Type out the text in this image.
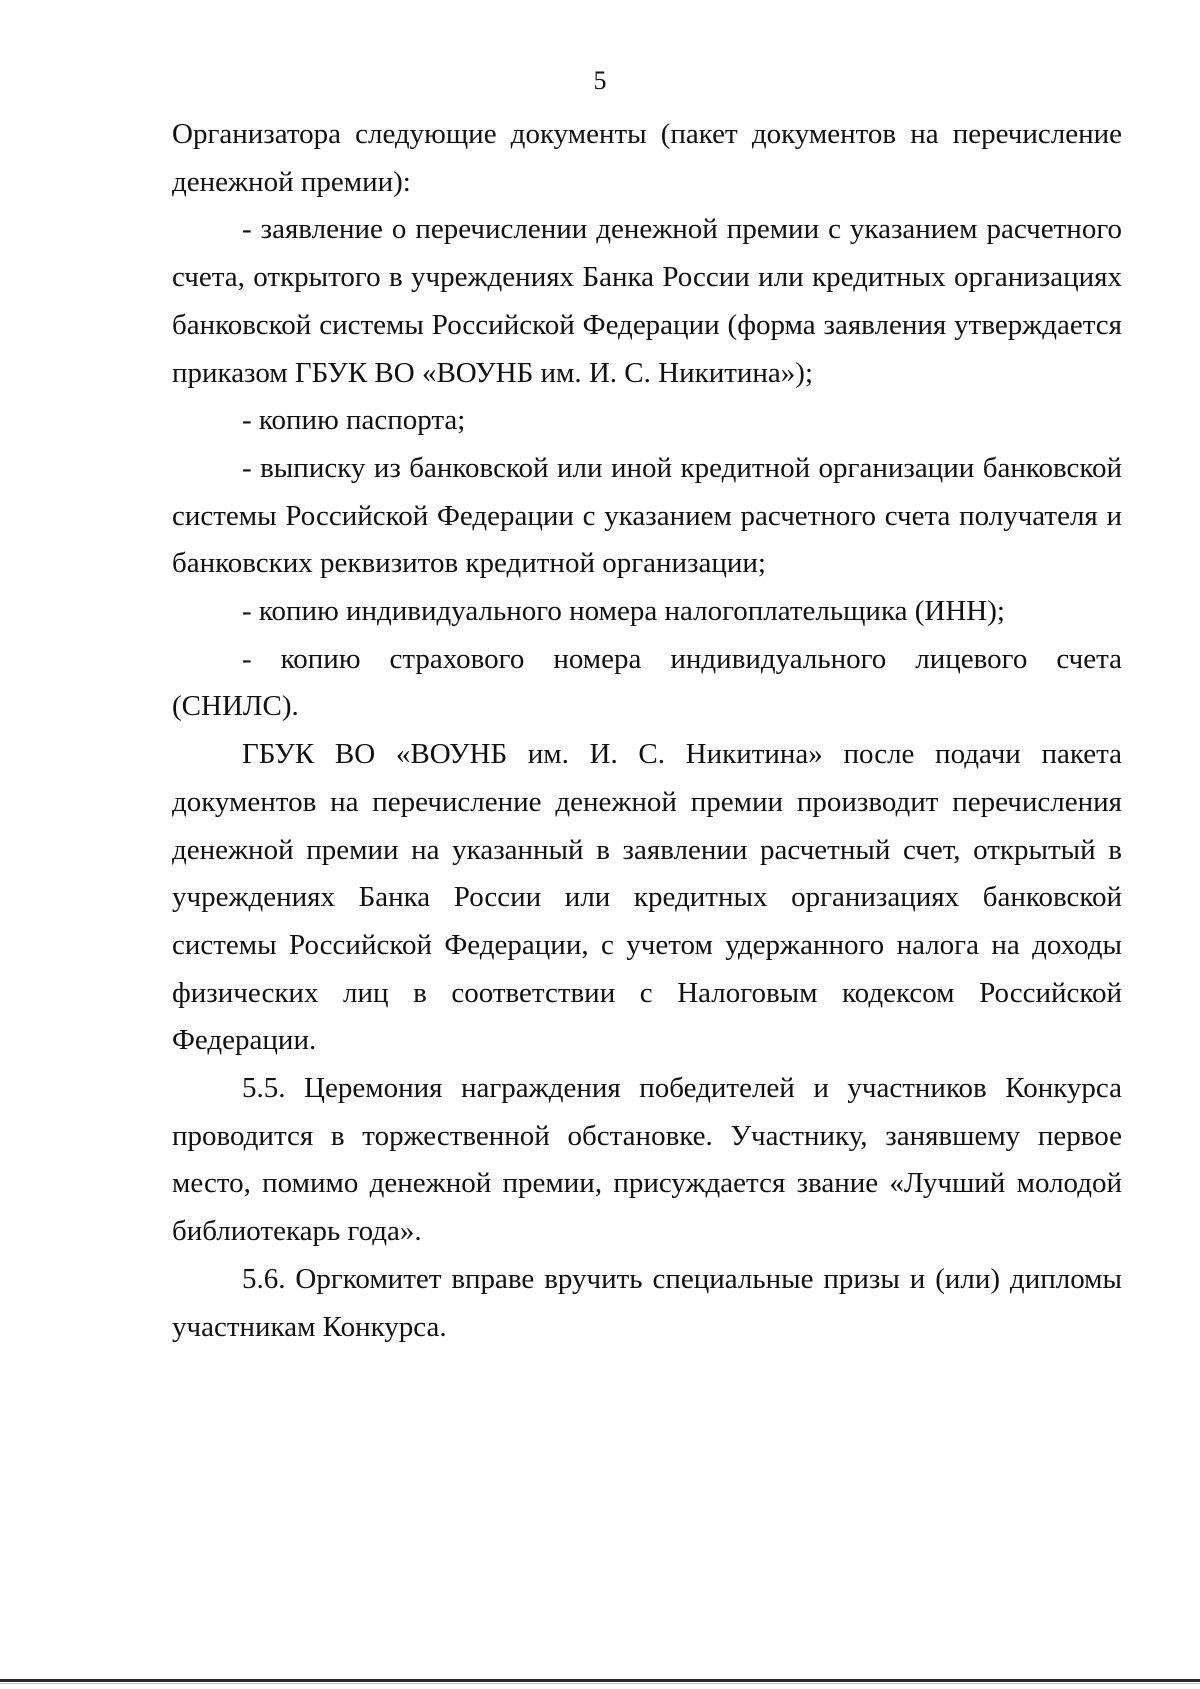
5

Организатора следующие документы (пакет документов на перечисление денежной премии):

- заявление о перечислении денежной премии с указанием расчетного счета, открытого в учреждениях Банка России или кредитных организациях банковской системы Российской Федерации (форма заявления утверждается приказом ГБУК ВО «ВОУНБ им. И. С. Никитина»);

- копию паспорта;

- выписку из банковской или иной кредитной организации банковской системы Российской Федерации с указанием расчетного счета получателя и банковских реквизитов кредитной организации;

- копию индивидуального номера налогоплательщика (ИНН);

- копию страхового номера индивидуального лицевого счета (СНИЛС).

ГБУК ВО «ВОУНБ им. И. С. Никитина» после подачи пакета документов на перечисление денежной премии производит перечисления денежной премии на указанный в заявлении расчетный счет, открытый в учреждениях Банка России или кредитных организациях банковской системы Российской Федерации, с учетом удержанного налога на доходы физических лиц в соответствии с Налоговым кодексом Российской Федерации.

5.5. Церемония награждения победителей и участников Конкурса проводится в торжественной обстановке. Участнику, занявшему первое место, помимо денежной премии, присуждается звание «Лучший молодой библиотекарь года».

5.6. Оргкомитет вправе вручить специальные призы и (или) дипломы участникам Конкурса.
